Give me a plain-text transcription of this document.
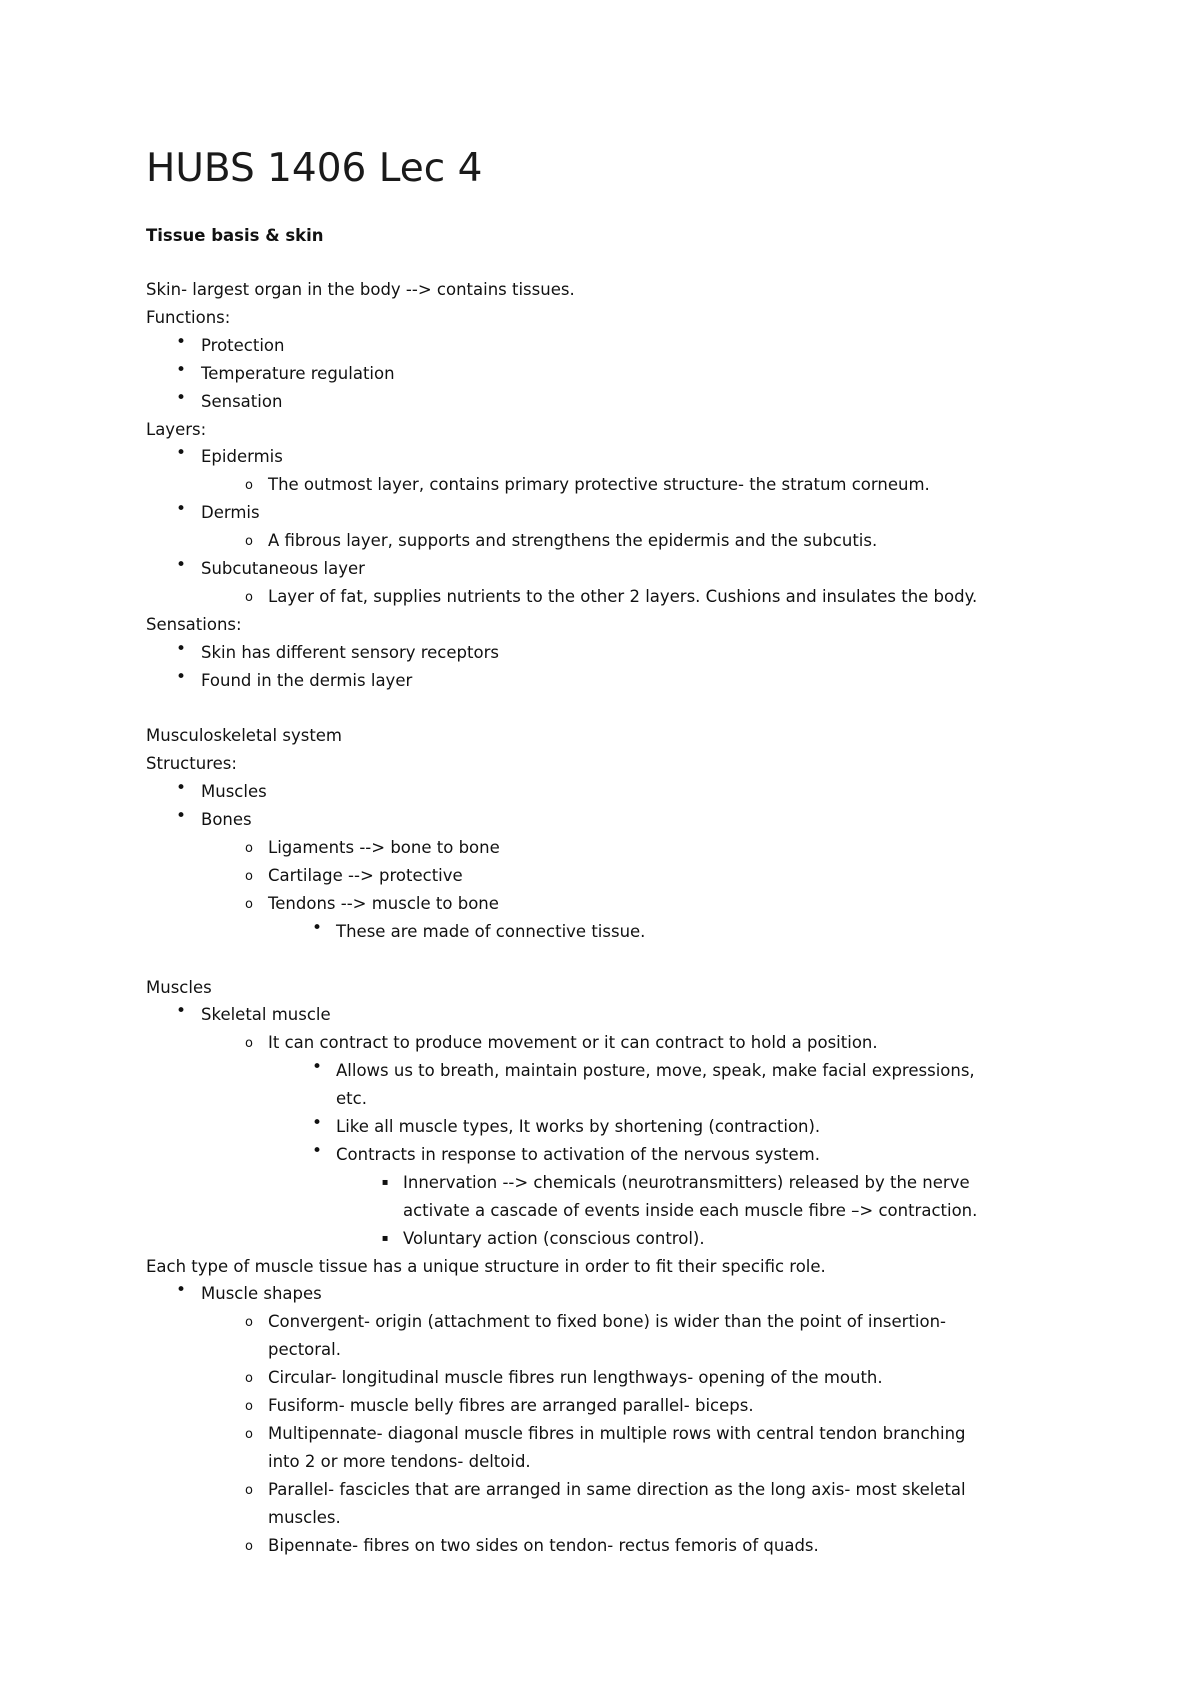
HUBS 1406 Lec 4
Tissue basis & skin
Skin- largest organ in the body --> contains tissues.
Functions:
• Protection
• Temperature regulation
• Sensation
Layers:
• Epidermis
o The outmost layer, contains primary protective structure- the stratum corneum.
• Dermis
o A fibrous layer, supports and strengthens the epidermis and the subcutis.
• Subcutaneous layer
o Layer of fat, supplies nutrients to the other 2 layers. Cushions and insulates the body.
Sensations:
• Skin has different sensory receptors
• Found in the dermis layer
Musculoskeletal system
Structures:
• Muscles
• Bones
o Ligaments --> bone to bone
o Cartilage --> protective
o Tendons --> muscle to bone
• These are made of connective tissue.
Muscles
• Skeletal muscle
o It can contract to produce movement or it can contract to hold a position.
• Allows us to breath, maintain posture, move, speak, make facial expressions,
etc.
• Like all muscle types, It works by shortening (contraction).
• Contracts in response to activation of the nervous system.
▪ Innervation --> chemicals (neurotransmitters) released by the nerve
activate a cascade of events inside each muscle fibre –> contraction.
▪ Voluntary action (conscious control).
Each type of muscle tissue has a unique structure in order to fit their specific role.
• Muscle shapes
o Convergent- origin (attachment to fixed bone) is wider than the point of insertion-
pectoral.
o Circular- longitudinal muscle fibres run lengthways- opening of the mouth.
o Fusiform- muscle belly fibres are arranged parallel- biceps.
o Multipennate- diagonal muscle fibres in multiple rows with central tendon branching
into 2 or more tendons- deltoid.
o Parallel- fascicles that are arranged in same direction as the long axis- most skeletal
muscles.
o Bipennate- fibres on two sides on tendon- rectus femoris of quads.
